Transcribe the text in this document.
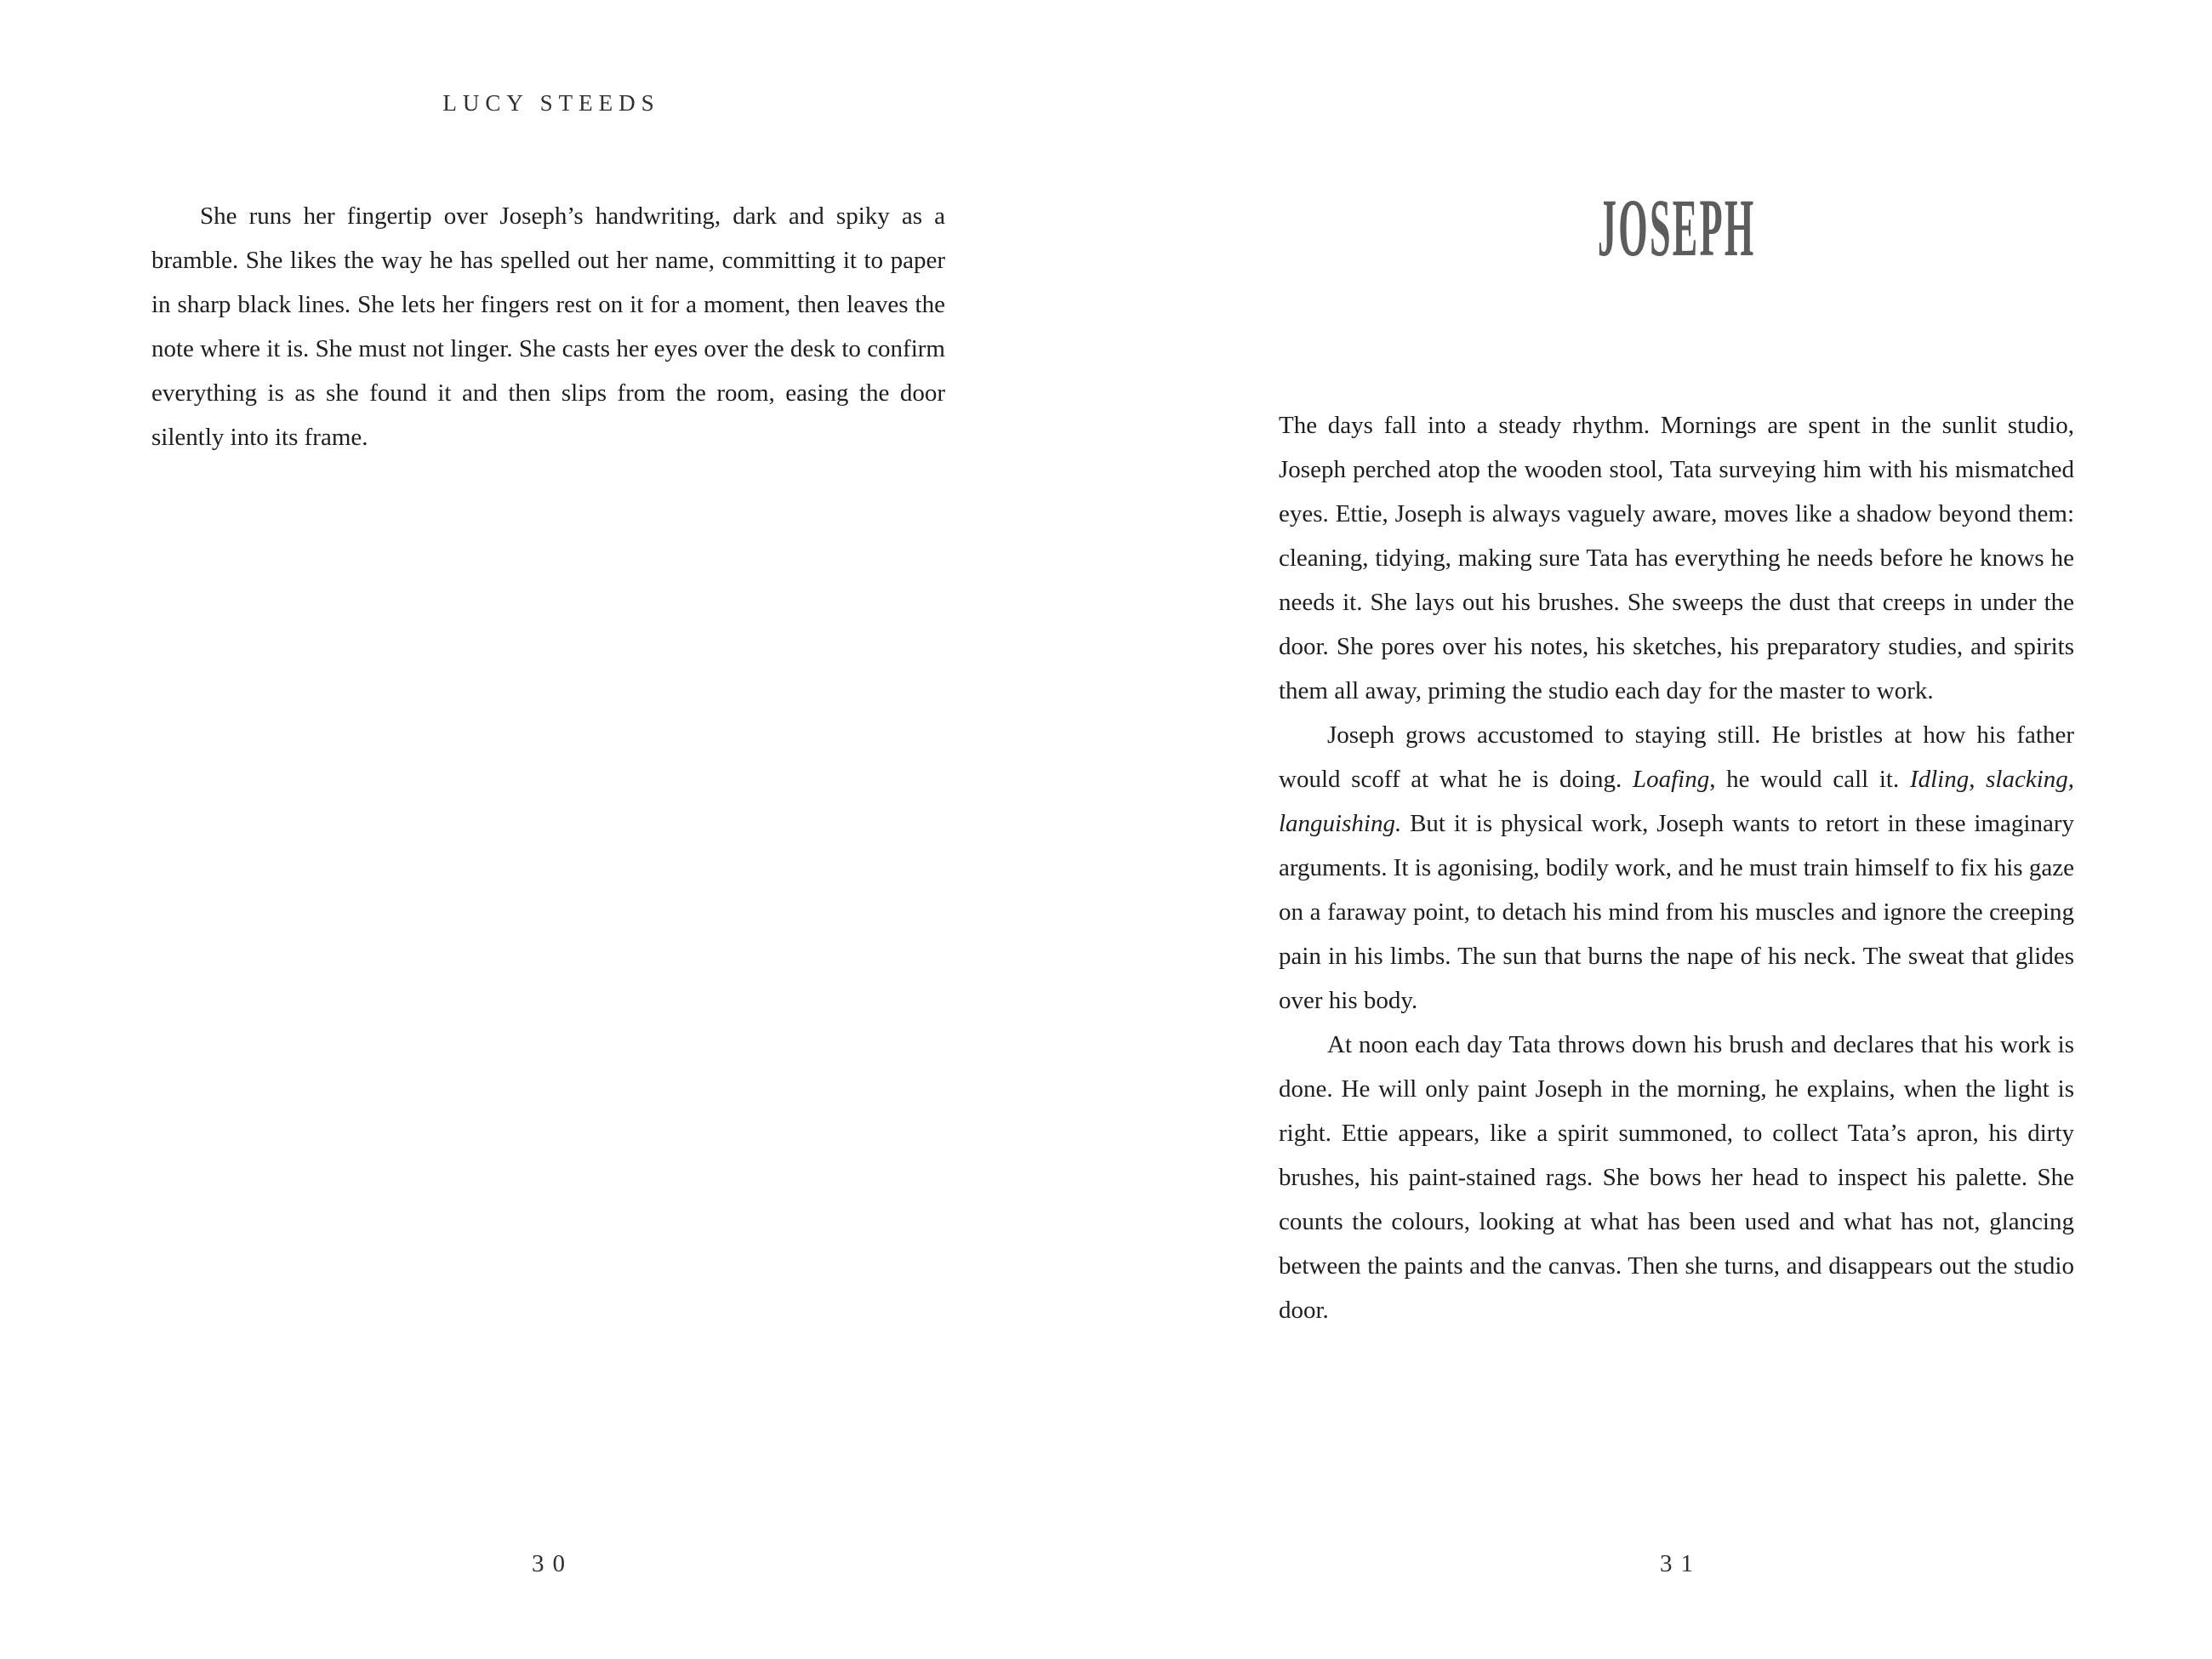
LUCY STEEDS

She runs her fingertip over Joseph’s handwriting, dark and spiky as a bramble. She likes the way he has spelled out her name, committing it to paper in sharp black lines. She lets her fingers rest on it for a moment, then leaves the note where it is. She must not linger. She casts her eyes over the desk to confirm everything is as she found it and then slips from the room, easing the door silently into its frame.

30
JOSEPH

The days fall into a steady rhythm. Mornings are spent in the sunlit studio, Joseph perched atop the wooden stool, Tata surveying him with his mismatched eyes. Ettie, Joseph is always vaguely aware, moves like a shadow beyond them: cleaning, tidying, making sure Tata has everything he needs before he knows he needs it. She lays out his brushes. She sweeps the dust that creeps in under the door. She pores over his notes, his sketches, his preparatory studies, and spirits them all away, priming the studio each day for the master to work.

Joseph grows accustomed to staying still. He bristles at how his father would scoff at what he is doing. Loafing, he would call it. Idling, slacking, languishing. But it is physical work, Joseph wants to retort in these imaginary arguments. It is agonising, bodily work, and he must train himself to fix his gaze on a faraway point, to detach his mind from his muscles and ignore the creeping pain in his limbs. The sun that burns the nape of his neck. The sweat that glides over his body.

At noon each day Tata throws down his brush and declares that his work is done. He will only paint Joseph in the morning, he explains, when the light is right. Ettie appears, like a spirit summoned, to collect Tata’s apron, his dirty brushes, his paint-stained rags. She bows her head to inspect his palette. She counts the colours, looking at what has been used and what has not, glancing between the paints and the canvas. Then she turns, and disappears out the studio door.

31
